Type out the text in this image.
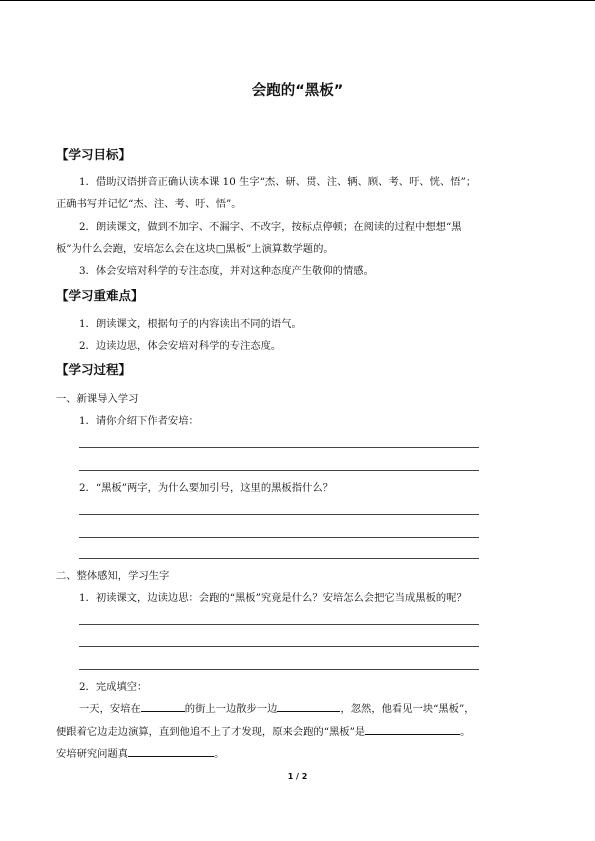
会跑的“黑板”
【学习目标】
1．借助汉语拼音正确认读本课 10 生字“杰、研、贯、注、辆、顾、考、吁、恍、悟”；
正确书写并记忆“杰、注、考、吁、悟”。
2．朗读课文，做到不加字、不漏字、不改字，按标点停顿；在阅读的过程中想想“黑
板”为什么会跑，安培怎么会在这块□黑板”上演算数学题的。
3．体会安培对科学的专注态度，并对这种态度产生敬仰的情感。
【学习重难点】
1．朗读课文，根据句子的内容读出不同的语气。
2．边读边思，体会安培对科学的专注态度。
【学习过程】
一、新课导入学习
1．请你介绍下作者安培：
2．“黑板”两字，为什么要加引号，这里的黑板指什么？
二、整体感知，学习生字
1．初读课文，边读边思：会跑的“黑板”究竟是什么？安培怎么会把它当成黑板的呢？
2．完成填空：
一天，安培在	的街上一边散步一边	，忽然，他看见一块“黑板”，
便跟着它边走边演算，直到他追不上了才发现，原来会跑的“黑板”是	。
安培研究问题真	。
1 / 2
